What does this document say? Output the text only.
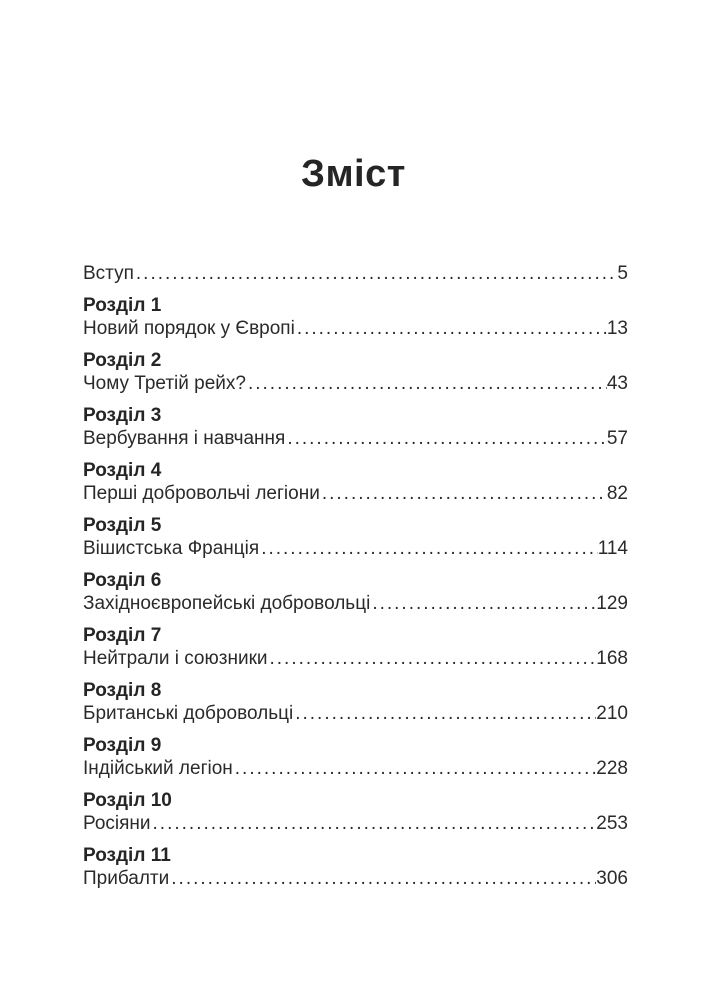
Зміст
Вступ .....	5
Розділ 1
Новий порядок у Європі .....	13
Розділ 2
Чому Третій рейх? .....	43
Розділ 3
Вербування і навчання .....	57
Розділ 4
Перші добровольчі легіони .....	82
Розділ 5
Вішистська Франція .....	114
Розділ 6
Західноєвропейські добровольці .....	129
Розділ 7
Нейтрали і союзники .....	168
Розділ 8
Британські добровольці .....	210
Розділ 9
Індійський легіон .....	228
Розділ 10
Росіяни .....	253
Розділ 11
Прибалти .....	306
